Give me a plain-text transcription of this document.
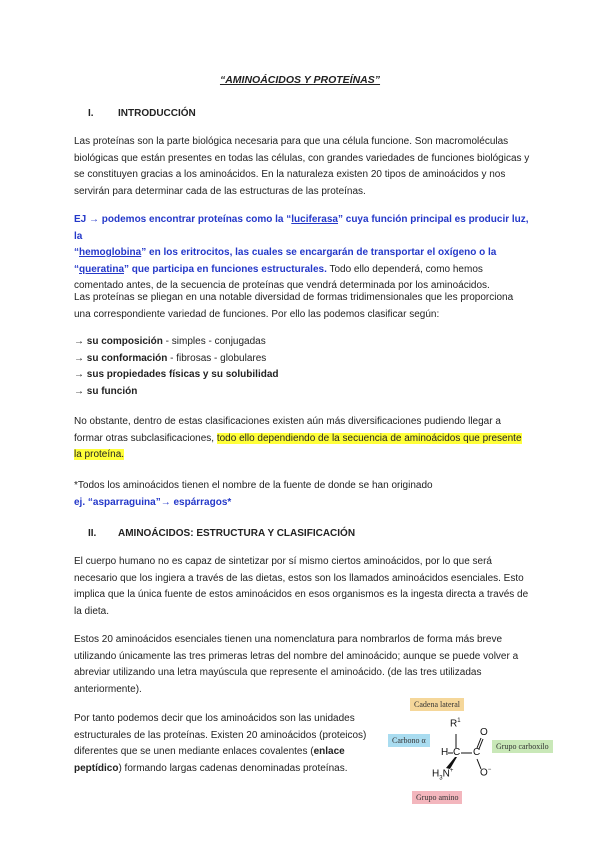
“AMINOÁCIDOS Y PROTEÍNAS”
I. INTRODUCCIÓN
Las proteínas son la parte biológica necesaria para que una célula funcione. Son macromoléculas
biológicas que están presentes en todas las células, con grandes variedades de funciones biológicas y
se constituyen gracias a los aminoácidos. En la naturaleza existen 20 tipos de aminoácidos y nos
servirán para determinar cada de las estructuras de las proteínas.
EJ → podemos encontrar proteínas como la “luciferasa” cuya función principal es producir luz, la
“hemoglobina” en los eritrocitos, las cuales se encargarán de transportar el oxígeno o la
“queratina” que participa en funciones estructurales. Todo ello dependerá, como hemos
comentado antes, de la secuencia de proteínas que vendrá determinada por los aminoácidos.
Las proteínas se pliegan en una notable diversidad de formas tridimensionales que les proporciona
una correspondiente variedad de funciones. Por ello las podemos clasificar según:
→ su composición - simples - conjugadas
→ su conformación - fibrosas - globulares
→ sus propiedades físicas y su solubilidad
→ su función
No obstante, dentro de estas clasificaciones existen aún más diversificaciones pudiendo llegar a
formar otras subclasificaciones, todo ello dependiendo de la secuencia de aminoácidos que presente
la proteína.
*Todos los aminoácidos tienen el nombre de la fuente de donde se han originado
ej. “asparraguina”→ espárragos*
II. AMINOÁCIDOS: ESTRUCTURA Y CLASIFICACIÓN
El cuerpo humano no es capaz de sintetizar por sí mismo ciertos aminoácidos, por lo que será
necesario que los ingiera a través de las dietas, estos son los llamados aminoácidos esenciales. Esto
implica que la única fuente de estos aminoácidos en esos organismos es la ingesta directa a través de
la dieta.
Estos 20 aminoácidos esenciales tienen una nomenclatura para nombrarlos de forma más breve
utilizando únicamente las tres primeras letras del nombre del aminoácido; aunque se puede volver a
abreviar utilizando una letra mayúscula que represente el aminoácido. (de las tres utilizadas
anteriormente).
Por tanto podemos decir que los aminoácidos son las unidades
estructurales de las proteínas. Existen 20 aminoácidos (proteicos)
diferentes que se unen mediante enlaces covalentes (enlace
peptídico) formando largas cadenas denominadas proteínas.
Cadena lateral
Carbono α
Grupo carboxilo
Grupo amino
$R^1$
H C C
O
O−
$H_3N^+$
